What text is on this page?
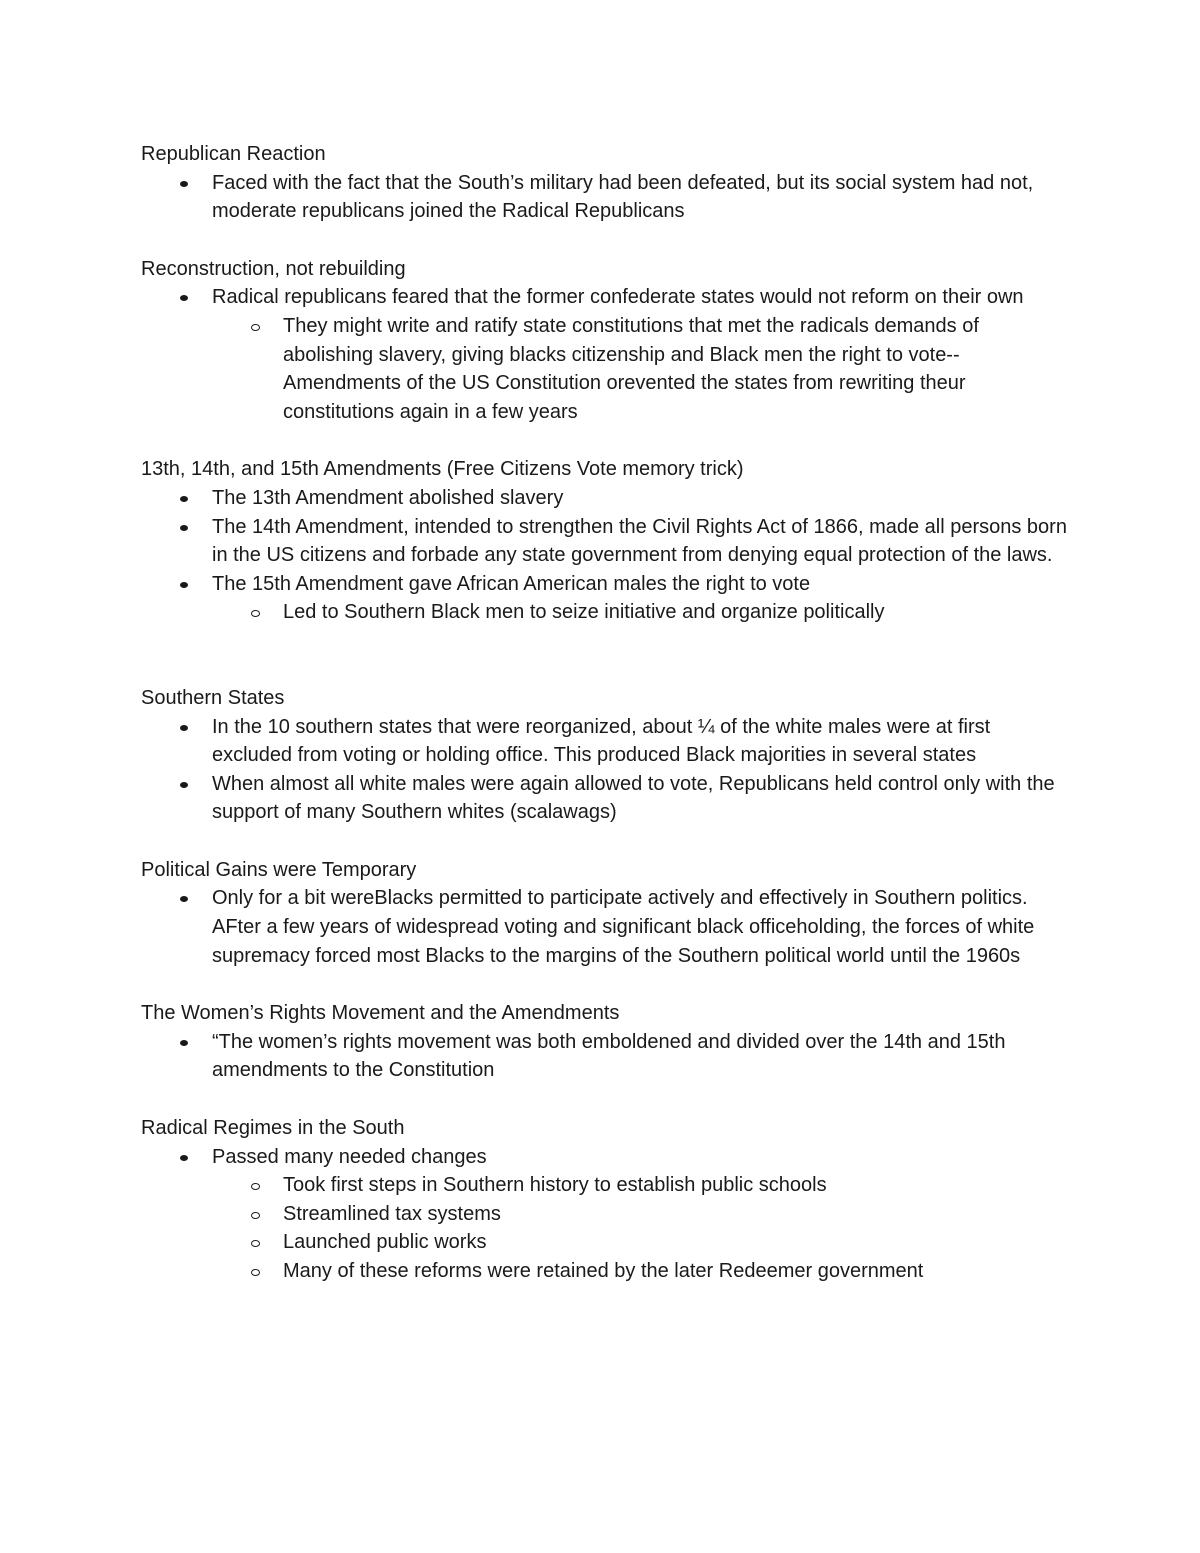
Republican Reaction

Faced with the fact that the South’s military had been defeated, but its social system had not, moderate republicans joined the Radical Republicans

Reconstruction, not rebuilding

Radical republicans feared that the former confederate states would not reform on their own
They might write and ratify state constitutions that met the radicals demands of abolishing slavery, giving blacks citizenship and Black men the right to vote--Amendments of the US Constitution orevented the states from rewriting theur constitutions again in a few years

13th, 14th, and 15th Amendments (Free Citizens Vote memory trick)

The 13th Amendment abolished slavery
The 14th Amendment, intended to strengthen the Civil Rights Act of 1866, made all persons born in the US citizens and forbade any state government from denying equal protection of the laws.
The 15th Amendment gave African American males the right to vote
Led to Southern Black men to seize initiative and organize politically

Southern States

In the 10 southern states that were reorganized, about ¼ of the white males were at first excluded from voting or holding office. This produced Black majorities in several states
When almost all white males were again allowed to vote, Republicans held control only with the support of many Southern whites (scalawags)

Political Gains were Temporary

Only for a bit wereBlacks permitted to participate actively and effectively in Southern politics. AFter a few years of widespread voting and significant black officeholding, the forces of white supremacy forced most Blacks to the margins of the Southern political world until the 1960s

The Women’s Rights Movement and the Amendments

“The women’s rights movement was both emboldened and divided over the 14th and 15th amendments to the Constitution

Radical Regimes in the South

Passed many needed changes
Took first steps in Southern history to establish public schools
Streamlined tax systems
Launched public works
Many of these reforms were retained by the later Redeemer government
